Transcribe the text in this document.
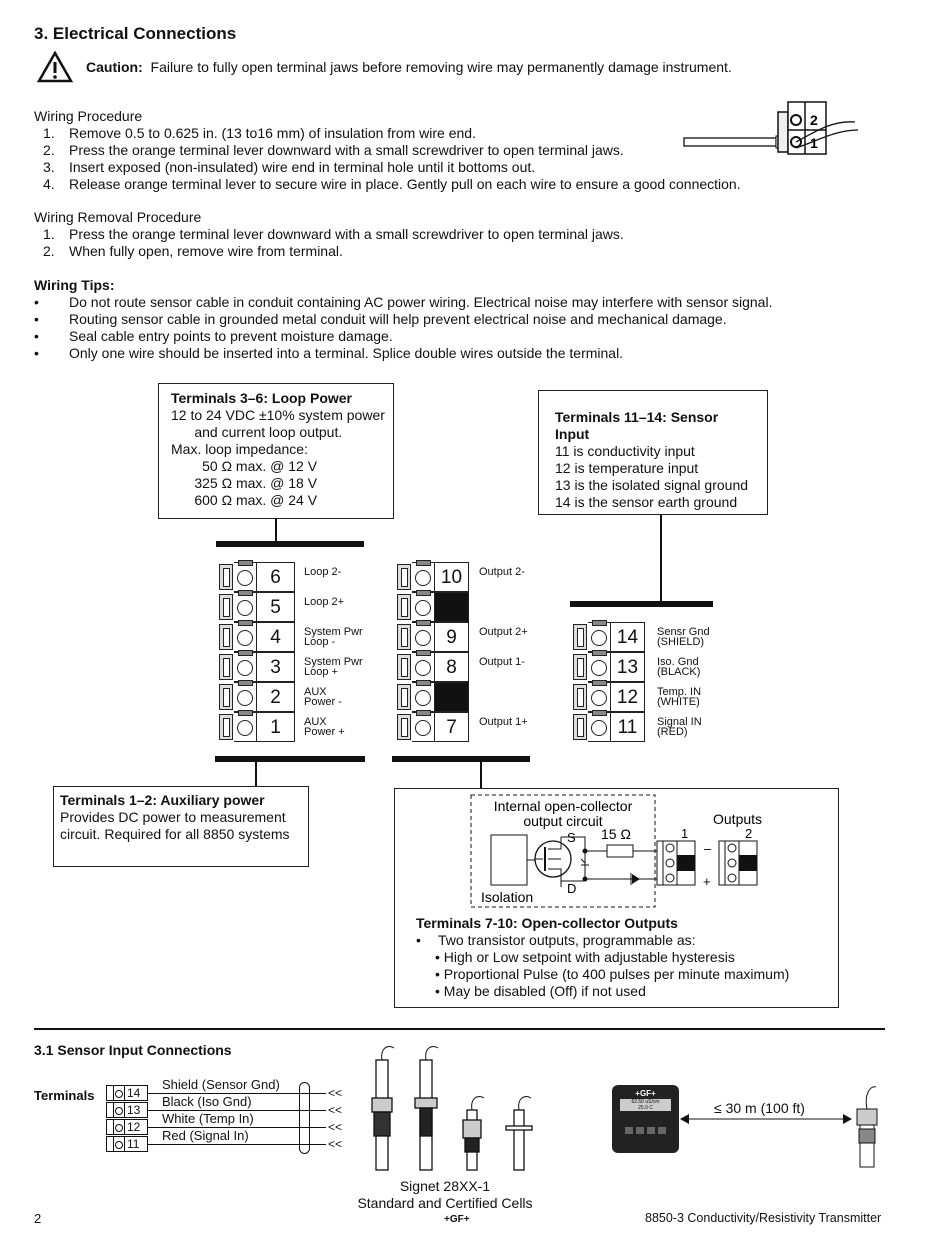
3. Electrical Connections
Caution: Failure to fully open terminal jaws before removing wire may permanently damage instrument.
Wiring Procedure
1. Remove 0.5 to 0.625 in. (13 to16 mm) of insulation from wire end.
2. Press the orange terminal lever downward with a small screwdriver to open terminal jaws.
3. Insert exposed (non-insulated) wire end in terminal hole until it bottoms out.
4. Release orange terminal lever to secure wire in place. Gently pull on each wire to ensure a good connection.
2
1
Wiring Removal Procedure
1. Press the orange terminal lever downward with a small screwdriver to open terminal jaws.
2. When fully open, remove wire from terminal.
Wiring Tips:
• Do not route sensor cable in conduit containing AC power wiring. Electrical noise may interfere with sensor signal.
• Routing sensor cable in grounded metal conduit will help prevent electrical noise and mechanical damage.
• Seal cable entry points to prevent moisture damage.
• Only one wire should be inserted into a terminal. Splice double wires outside the terminal.
Terminals 3–6: Loop Power
12 to 24 VDC ±10% system power
and current loop output.
Max. loop impedance:
50 Ω max. @ 12 V
325 Ω max. @ 18 V
600 Ω max. @ 24 V
Terminals 11–14: Sensor Input
11 is conductivity input
12 is temperature input
13 is the isolated signal ground
14 is the sensor earth ground
6	Loop 2-
5	Loop 2+
4	System Pwr
Loop -
3	System Pwr
Loop +
2	AUX
Power -
1	AUX
Power +
10	Output 2-
9	Output 2+
8	Output 1-
7	Output 1+
14	Sensr Gnd
(SHIELD)
13	Iso. Gnd
(BLACK)
12	Temp. IN
(WHITE)
11	Signal IN
(RED)
Terminals 1–2: Auxiliary power
Provides DC power to measurement
circuit. Required for all 8850 systems
Internal open-collector
output circuit
Isolation
S
D
15 Ω
Outputs
1	2
–
+
Terminals 7-10: Open-collector Outputs
• Two transistor outputs, programmable as:
• High or Low setpoint with adjustable hysteresis
• Proportional Pulse (to 400 pulses per minute maximum)
• May be disabled (Off) if not used
3.1 Sensor Input Connections
Terminals	14
Shield (Sensor Gnd)
<<
13
Black (Iso Gnd)
<<
12
White (Temp In)
<<
11
Red (Signal In)
<<
Signet 28XX-1
Standard and Certified Cells
+GF+
62.50 uS/cm
25.0 C	≤ 30 m (100 ft)
2	+GF+	8850-3 Conductivity/Resistivity Transmitter
